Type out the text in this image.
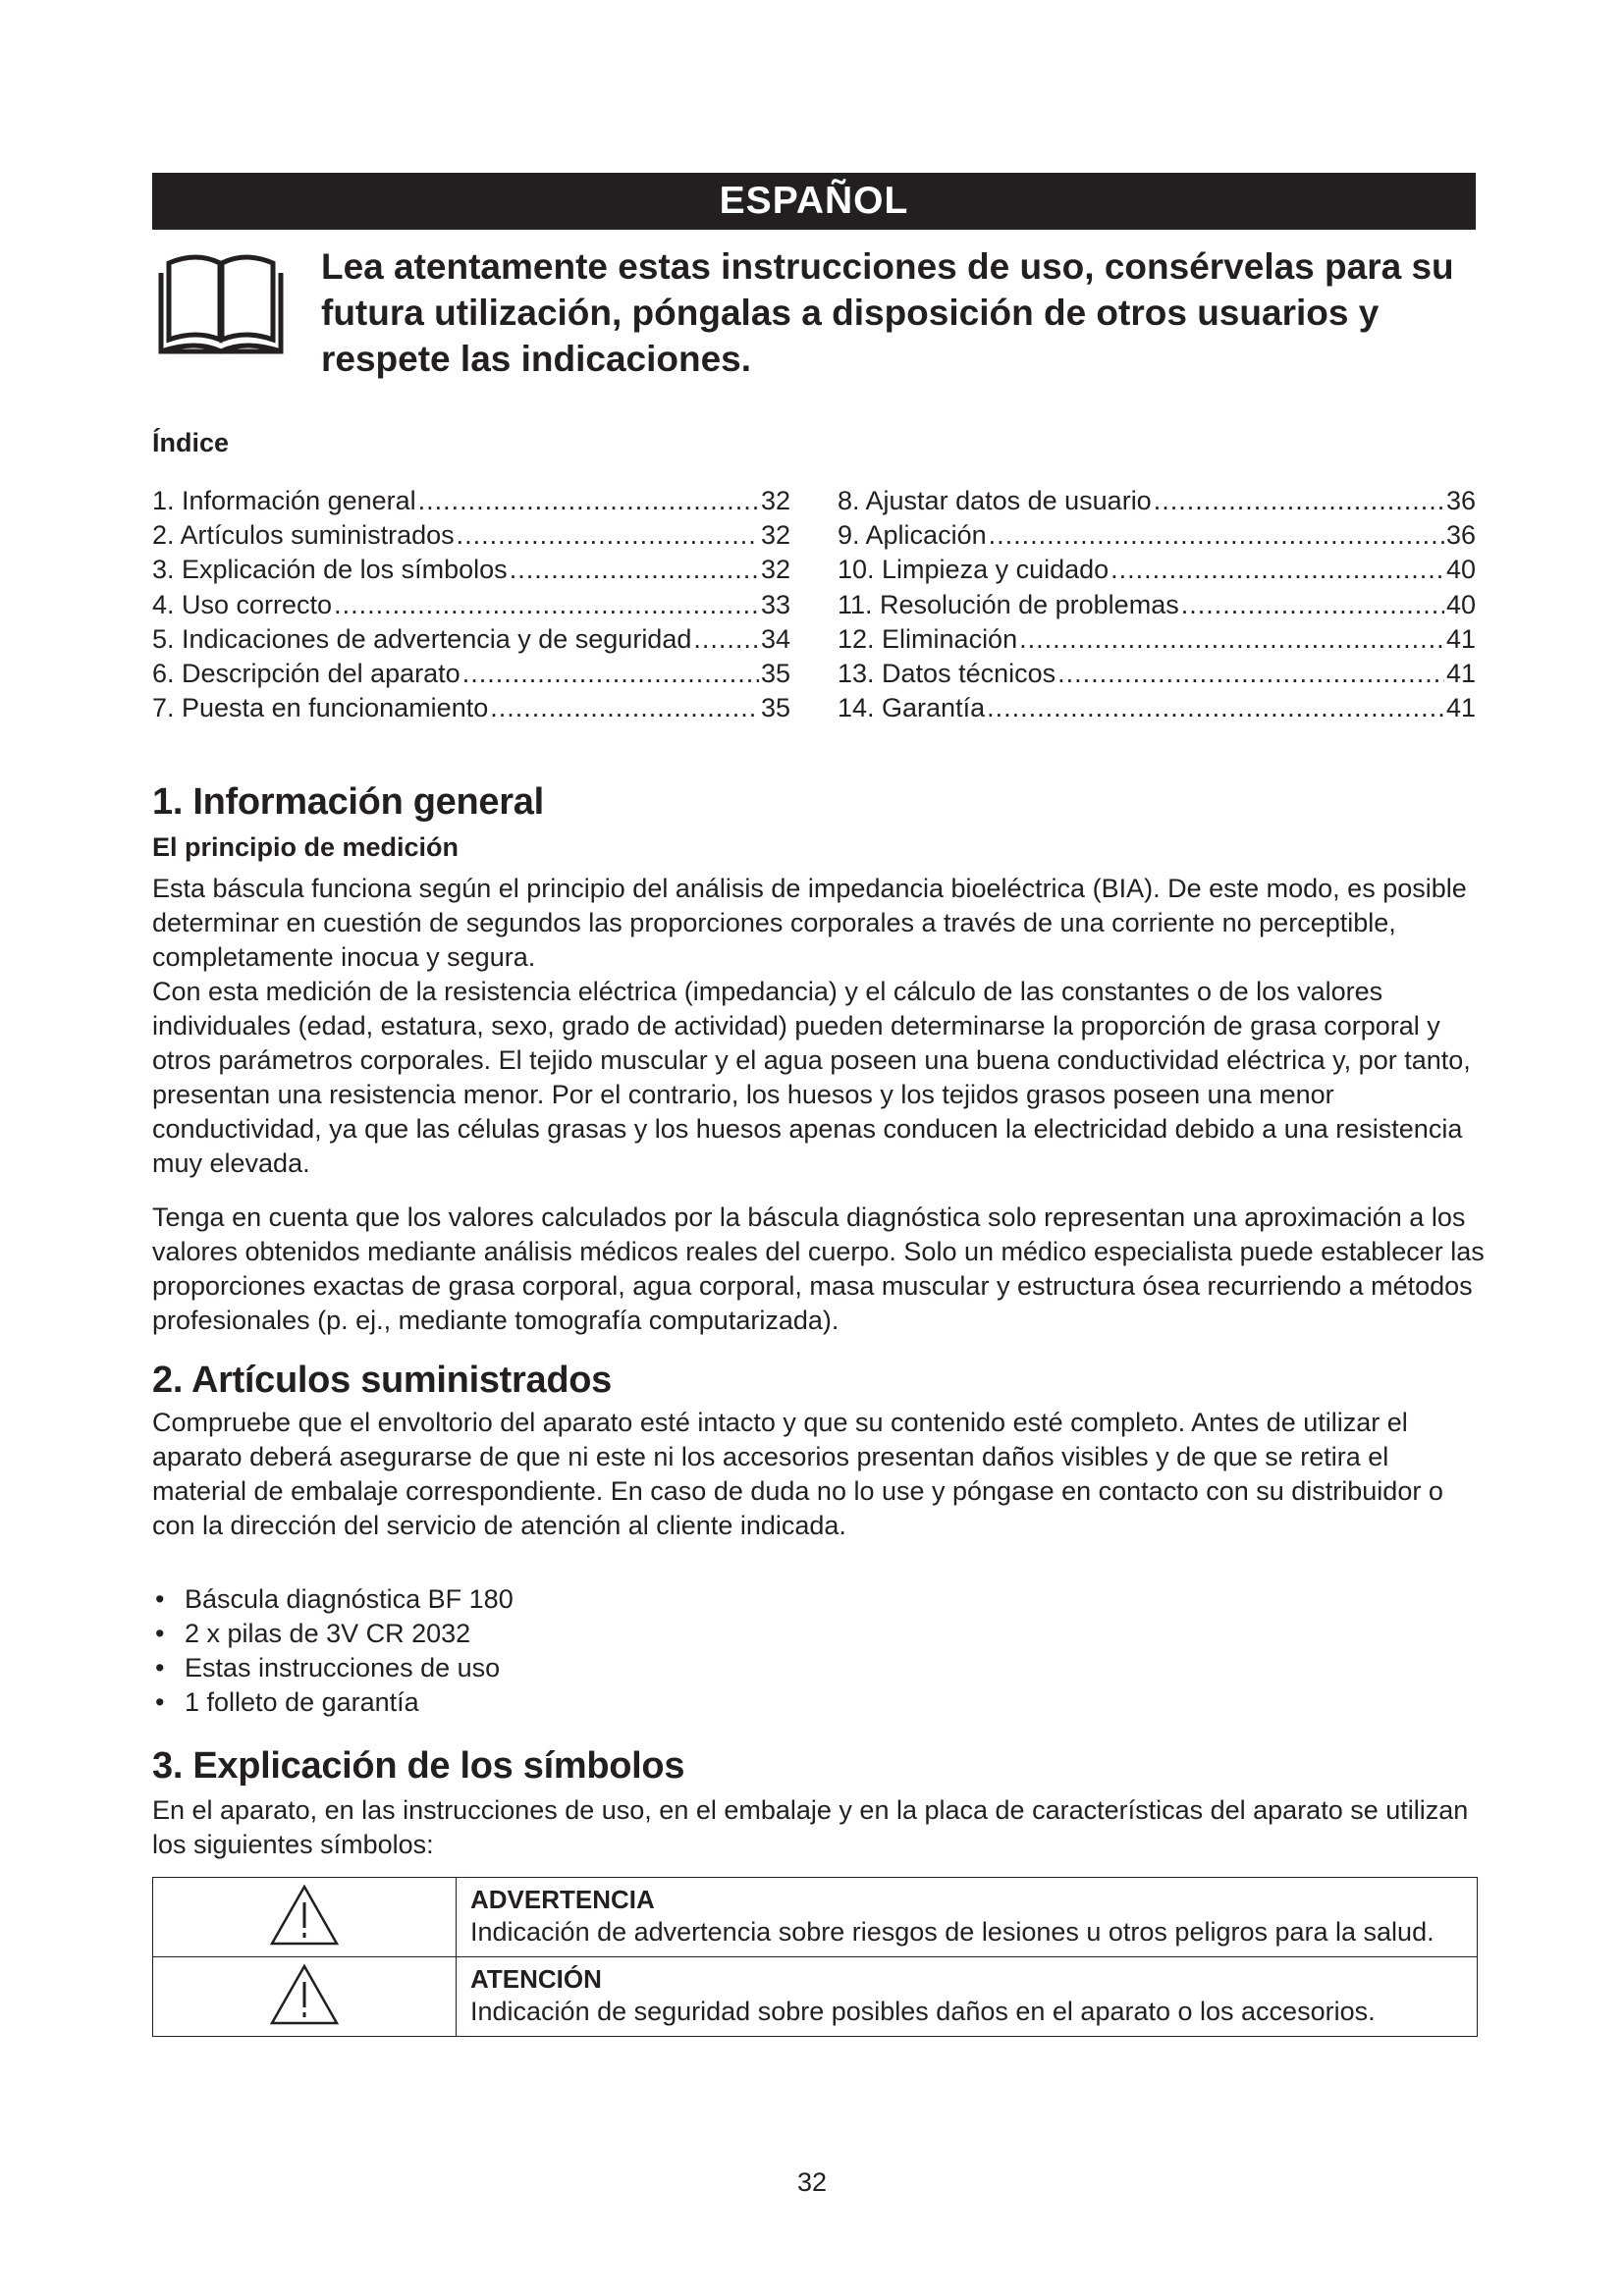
ESPAÑOL

Lea atentamente estas instrucciones de uso, consérvelas para su futura utilización, póngalas a disposición de otros usuarios y respete las indicaciones.

Índice
1. Información general .....	32
2. Artículos suministrados .....	32
3. Explicación de los símbolos .....	32
4. Uso correcto .....	33
5. Indicaciones de advertencia y de seguridad .....	34
6. Descripción del aparato .....	35
7. Puesta en funcionamiento .....	35
8. Ajustar datos de usuario .....	36
9. Aplicación .....	36
10. Limpieza y cuidado .....	40
11. Resolución de problemas .....	40
12. Eliminación .....	41
13. Datos técnicos .....	41
14. Garantía .....	41
1. Información general
El principio de medición

Esta báscula funciona según el principio del análisis de impedancia bioeléctrica (BIA). De este modo, es posible determinar en cuestión de segundos las proporciones corporales a través de una corriente no perceptible, completamente inocua y segura.

Con esta medición de la resistencia eléctrica (impedancia) y el cálculo de las constantes o de los valores individuales (edad, estatura, sexo, grado de actividad) pueden determinarse la proporción de grasa corporal y otros parámetros corporales. El tejido muscular y el agua poseen una buena conductividad eléctrica y, por tanto, presentan una resistencia menor. Por el contrario, los huesos y los tejidos grasos poseen una menor conductividad, ya que las células grasas y los huesos apenas conducen la electricidad debido a una resistencia muy elevada.

Tenga en cuenta que los valores calculados por la báscula diagnóstica solo representan una aproximación a los valores obtenidos mediante análisis médicos reales del cuerpo. Solo un médico especialista puede establecer las proporciones exactas de grasa corporal, agua corporal, masa muscular y estructura ósea recurriendo a métodos profesionales (p. ej., mediante tomografía computarizada).

2. Artículos suministrados

Compruebe que el envoltorio del aparato esté intacto y que su contenido esté completo. Antes de utilizar el aparato deberá asegurarse de que ni este ni los accesorios presentan daños visibles y de que se retira el material de embalaje correspondiente. En caso de duda no lo use y póngase en contacto con su distribuidor o con la dirección del servicio de atención al cliente indicada.

• Báscula diagnóstica BF 180
• 2 x pilas de 3V CR 2032
• Estas instrucciones de uso
• 1 folleto de garantía
3. Explicación de los símbolos

En el aparato, en las instrucciones de uso, en el embalaje y en la placa de características del aparato se utilizan los siguientes símbolos:

ADVERTENCIA
Indicación de advertencia sobre riesgos de lesiones u otros peligros para la salud.

ATENCIÓN
Indicación de seguridad sobre posibles daños en el aparato o los accesorios.
32
